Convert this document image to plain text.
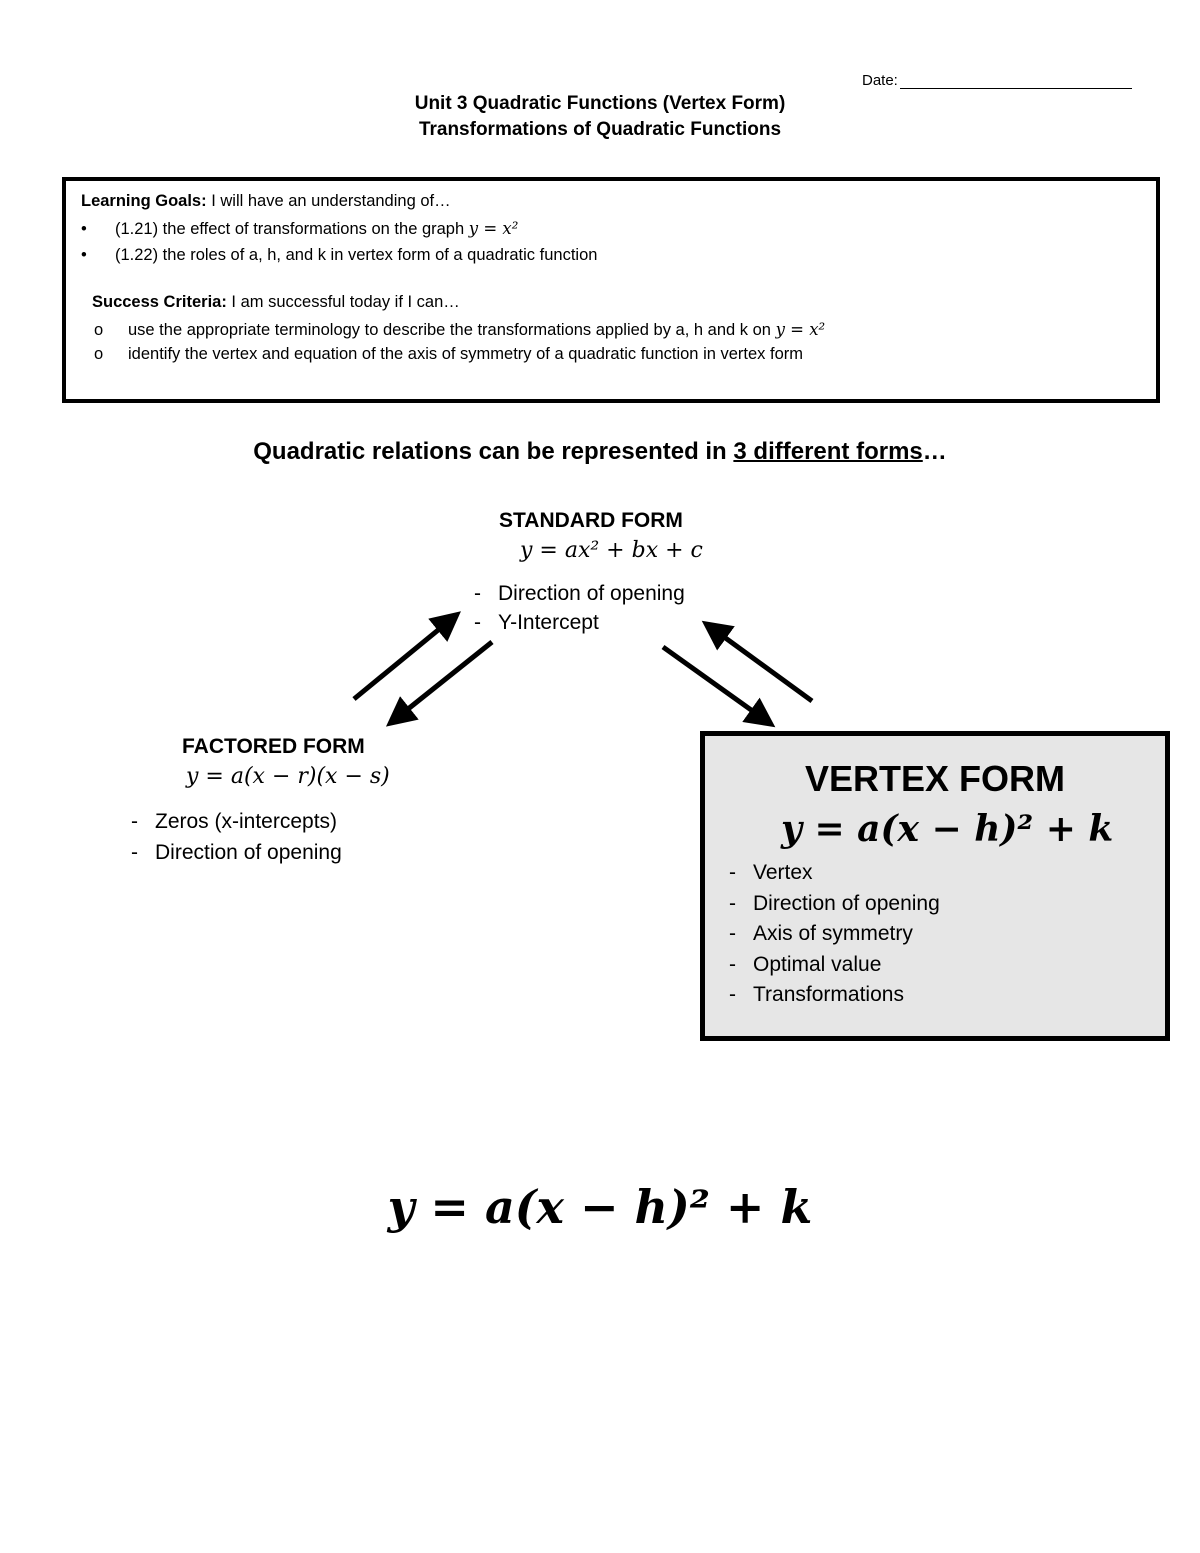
Date:
Unit 3 Quadratic Functions (Vertex Form)
Transformations of Quadratic Functions
Learning Goals: I will have an understanding of…
• (1.21) the effect of transformations on the graph y = x²
• (1.22) the roles of a, h, and k in vertex form of a quadratic function
Success Criteria: I am successful today if I can…
o use the appropriate terminology to describe the transformations applied by a, h and k on y = x²
o identify the vertex and equation of the axis of symmetry of a quadratic function in vertex form
Quadratic relations can be represented in 3 different forms…
STANDARD FORM
y = ax² + bx + c
- Direction of opening
- Y-Intercept
FACTORED FORM
y = a(x − r)(x − s)
- Zeros (x-intercepts)
- Direction of opening
VERTEX FORM
y = a(x − h)² + k
- Vertex
- Direction of opening
- Axis of symmetry
- Optimal value
- Transformations
y = a(x − h)² + k
